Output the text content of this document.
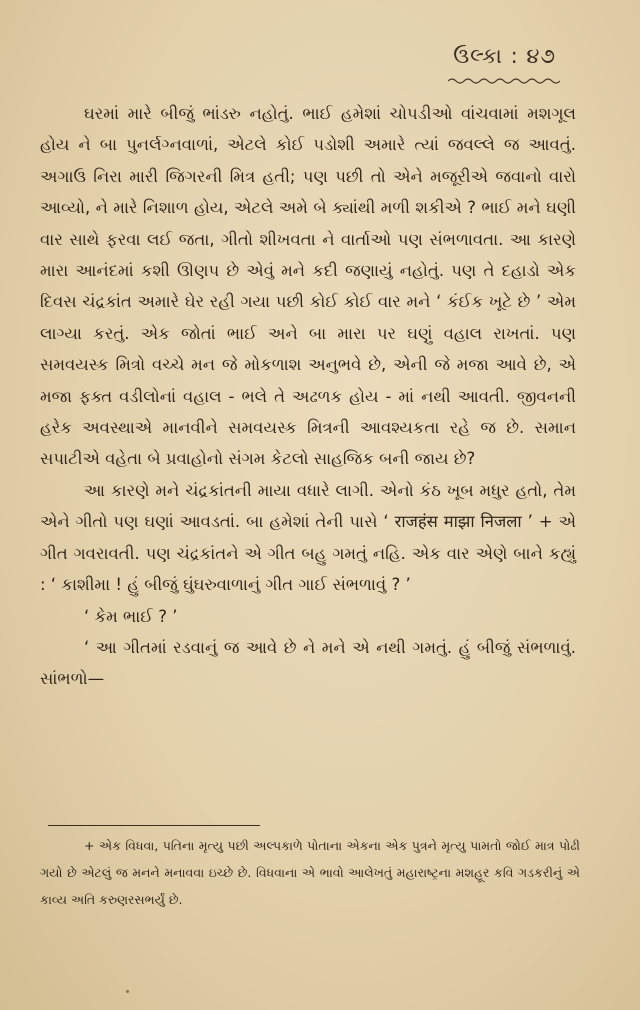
ઉલ્કા : ૪૭

ઘરમાં મારે બીજું ભાંડરુ નહોતું. ભાઈ હમેશાં ચોપડીઓ વાંચવામાં મશગૂલ હોય ને બા પુનર્લગ્નવાળાં, એટલે કોઈ પડોશી અમારે ત્યાં જવલ્લે જ આવતું. અગાઉ નિરા મારી જિગરની મિત્ર હતી; પણ પછી તો એને મજૂરીએ જવાનો વારો આવ્યો, ને મારે નિશાળ હોય, એટલે અમે બે ક્યાંથી મળી શકીએ ? ભાઈ મને ઘણી વાર સાથે ફરવા લઈ જતા, ગીતો શીખવતા ને વાર્તાઓ પણ સંભળાવતા. આ કારણે મારા આનંદમાં કશી ઊણપ છે એવું મને કદી જણાયું નહોતું. પણ તે દહાડો એક દિવસ ચંદ્રકાંત અમારે ઘેર રહી ગયા પછી કોઈ કોઈ વાર મને ‘ કંઈક ખૂટે છે ’ એમ લાગ્યા કરતું. એક જોતાં ભાઈ અને બા મારા પર ઘણું વહાલ રાખતાં. પણ સમવયસ્ક મિત્રો વચ્ચે મન જે મોકળાશ અનુભવે છે, એની જે મજા આવે છે, એ મજા ફક્ત વડીલોનાં વહાલ - ભલે તે અઢળક હોય - માં નથી આવતી. જીવનની હરેક અવસ્થાએ માનવીને સમવયસ્ક મિત્રની આવશ્યકતા રહે જ છે. સમાન સપાટીએ વહેતા બે પ્રવાહોનો સંગમ કેટલો સાહજિક બની જાય છે?

આ કારણે મને ચંદ્રકાંતની માયા વધારે લાગી. એનો કંઠ ખૂબ મધુર હતો, તેમ એને ગીતો પણ ઘણાં આવડતાં. બા હમેશાં તેની પાસે ‘ राजहंस माझा निजला ’ + એ ગીત ગવરાવતી. પણ ચંદ્રકાંતને એ ગીત બહુ ગમતું નહિ. એક વાર એણે બાને કહ્યું : ‘ કાશીમા ! હું બીજું ઘુંઘરુવાળાનું ગીત ગાઈ સંભળાવું ? ’

‘ કેમ ભાઈ ? ’

‘ આ ગીતમાં રડવાનું જ આવે છે ને મને એ નથી ગમતું. હું બીજું સંભળાવું. સાંભળો—

+ એક વિધવા, પતિના મૃત્યુ પછી અલ્પકાળે પોતાના એકના એક પુત્રને મૃત્યુ પામતો જોઈ માત્ર પોઢી ગયો છે એટલું જ મનને મનાવવા ઇચ્છે છે. વિધવાના એ ભાવો આલેખતું મહારાષ્ટ્રના મશહૂર કવિ ગડકરીનું એ કાવ્ય અતિ કરુણરસભર્યું છે.
